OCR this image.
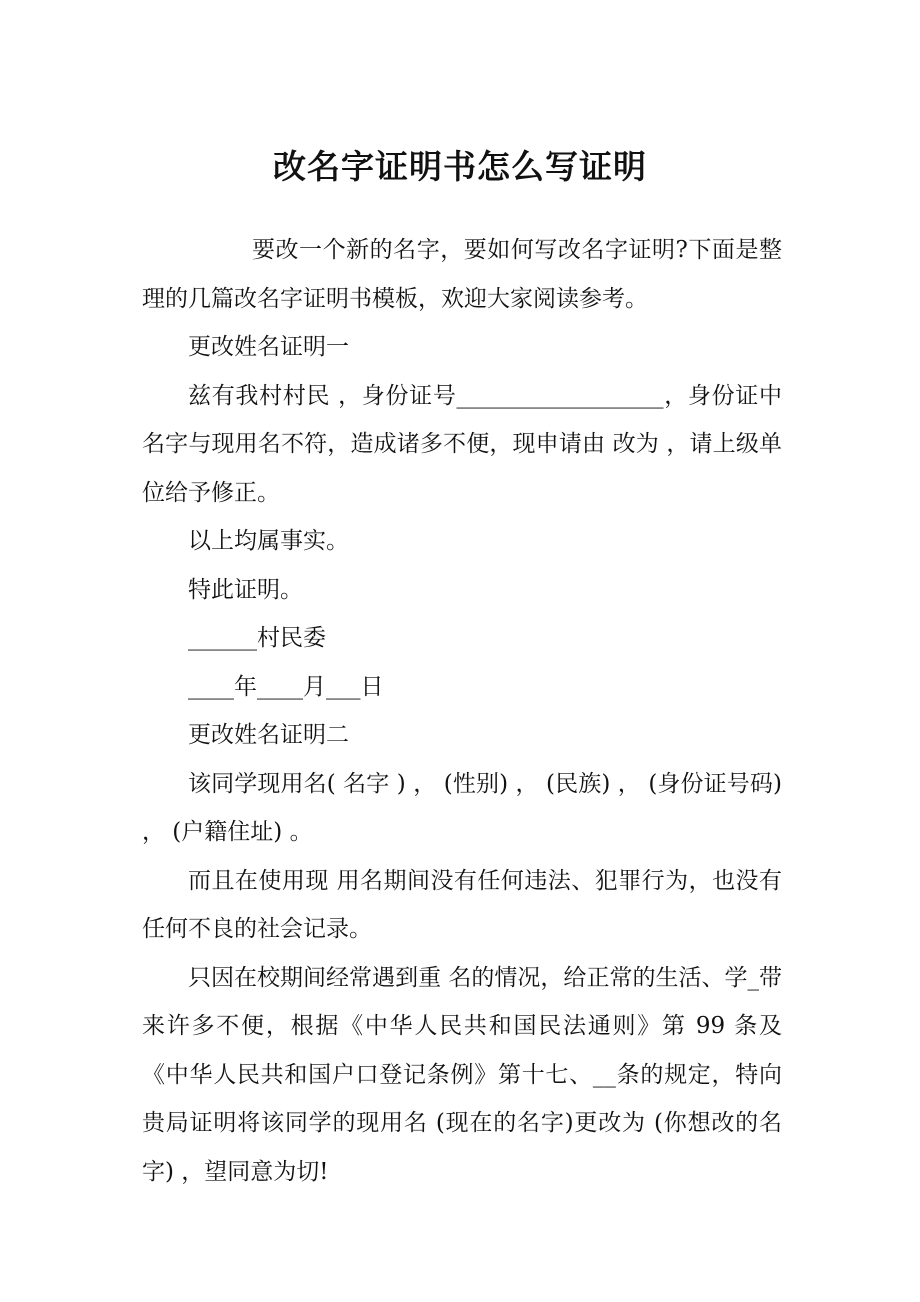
改名字证明书怎么写证明

要改一个新的名字，要如何写改名字证明?下面是整理的几篇改名字证明书模板，欢迎大家阅读参考。

更改姓名证明一

兹有我村村民 ，身份证号__________________，身份证中名字与现用名不符，造成诸多不便，现申请由 改为 ，请上级单 位给予修正。

以上均属事实。

特此证明。

______村民委

____年____月___日

更改姓名证明二

该同学现用名( 名字 ) ， (性别) ， (民族) ， (身份证号码) ， (户籍住址) 。

而且在使用现 用名期间没有任何违法、犯罪行为，也没有任何不良的社会记录。

只因在校期间经常遇到重 名的情况，给正常的生活、学_带来许多不便，根据《中华人民共和国民法通则》第 99 条及 《中华人民共和国户口登记条例》第十七、__条的规定，特向贵局证明将该同学的现用名 (现在的名字)更改为 (你想改的名 字) ，望同意为切!
